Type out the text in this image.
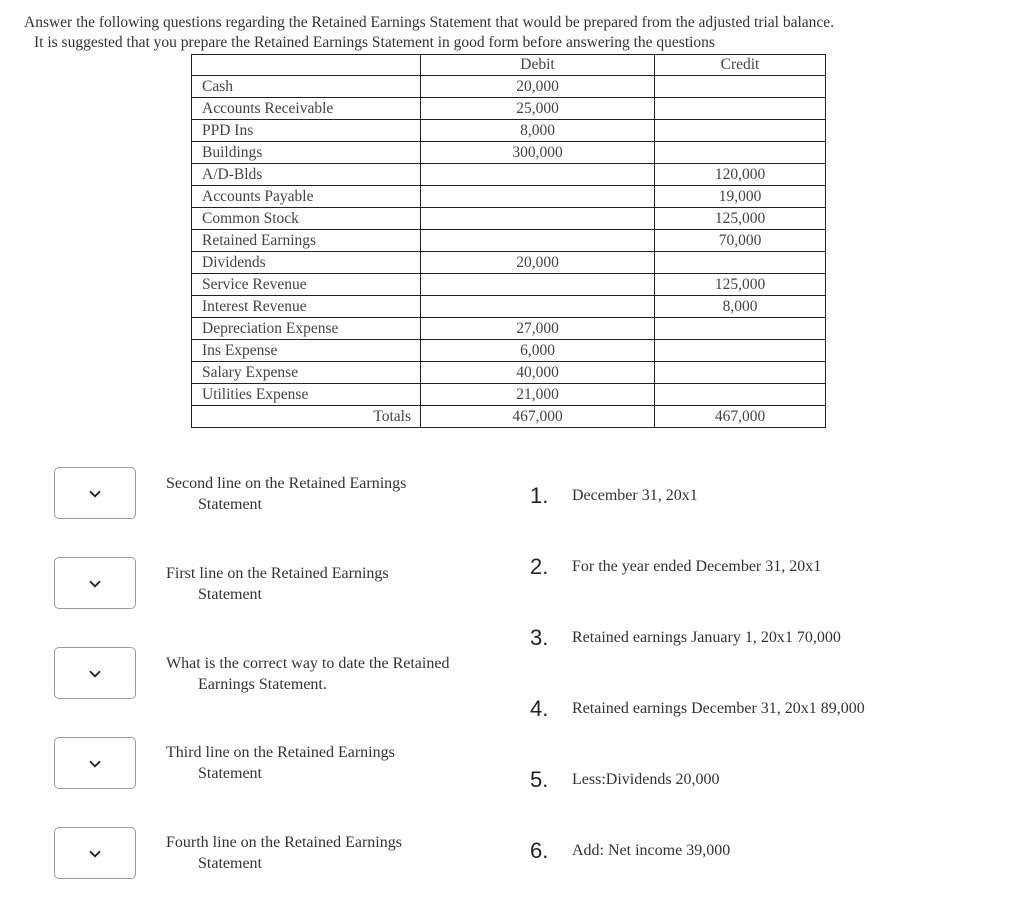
Answer the following questions regarding the Retained Earnings Statement that would be prepared from the adjusted trial balance.
It is suggested that you prepare the Retained Earnings Statement in good form before answering the questions
	Debit	Credit
Cash	20,000	
Accounts Receivable	25,000	
PPD Ins	8,000	
Buildings	300,000	
A/D-Blds		120,000
Accounts Payable		19,000
Common Stock		125,000
Retained Earnings		70,000
Dividends	20,000	
Service Revenue		125,000
Interest Revenue		8,000
Depreciation Expense	27,000	
Ins Expense	6,000	
Salary Expense	40,000	
Utilities Expense	21,000	
Totals	467,000	467,000
Second line on the Retained Earnings
Statement
First line on the Retained Earnings
Statement
What is the correct way to date the Retained
Earnings Statement.
Third line on the Retained Earnings
Statement
Fourth line on the Retained Earnings
Statement
1.	December 31, 20x1
2.	For the year ended December 31, 20x1
3.	Retained earnings January 1, 20x1 70,000
4.	Retained earnings December 31, 20x1 89,000
5.	Less:Dividends 20,000
6.	Add: Net income 39,000
